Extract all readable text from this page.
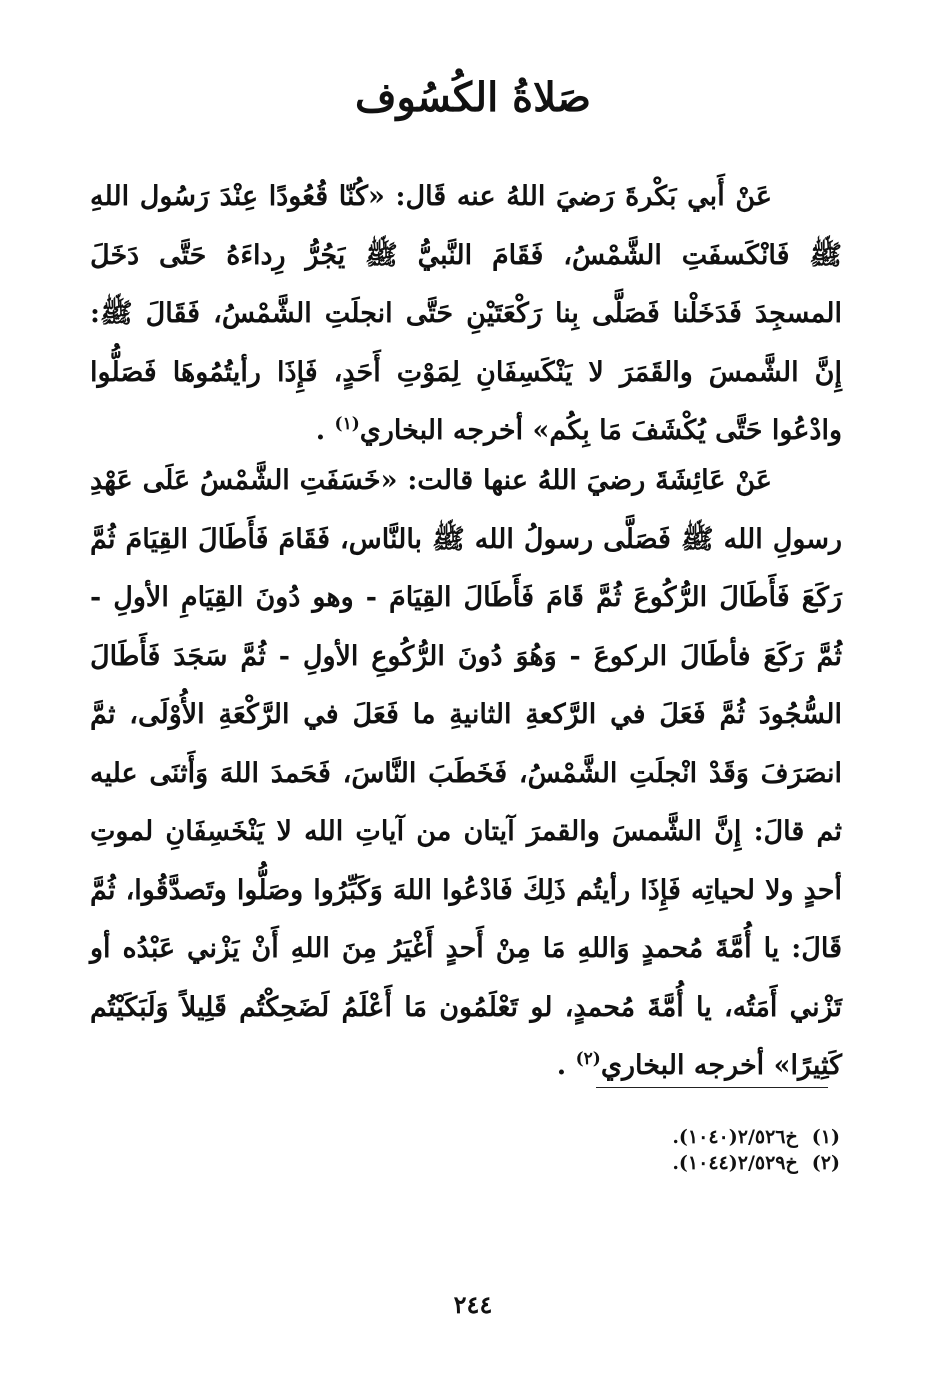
صَلاةُ الكُسُوف

عَنْ أَبي بَكْرةَ رَضيَ اللهُ عنه قَال: «كُنّا قُعُودًا عِنْدَ رَسُول اللهِ ﷺ فَانْكَسفَتِ الشَّمْسُ، فَقَامَ النَّبيُّ ﷺ يَجُرُّ رِداءَهُ حَتَّى دَخَلَ المسجِدَ فَدَخَلْنا فَصَلَّى بِنا رَكْعَتَيْنِ حَتَّى انجلَتِ الشَّمْسُ، فَقَالَ ﷺ: إِنَّ الشَّمسَ والقَمَرَ لا يَنْكَسِفَانِ لِمَوْتِ أَحَدٍ، فَإِذَا رأيتُمُوهَا فَصَلُّوا وادْعُوا حَتَّى يُكْشَفَ مَا بِكُم» أخرجه البخاري$^{(١)}$ .

عَنْ عَائِشَةَ رضيَ اللهُ عنها قالت: «خَسَفَتِ الشَّمْسُ عَلَى عَهْدِ رسولِ الله ﷺ فَصَلَّى رسولُ الله ﷺ بالنَّاس، فَقَامَ فَأَطَالَ القِيَامَ ثُمَّ رَكَعَ فَأَطَالَ الرُّكُوعَ ثُمَّ قَامَ فَأَطَالَ القِيَامَ - وهو دُونَ القِيَامِ الأولِ - ثُمَّ رَكَعَ فأطَالَ الركوعَ - وَهُوَ دُونَ الرُّكُوعِ الأولِ - ثُمَّ سَجَدَ فَأَطَالَ السُّجُودَ ثُمَّ فَعَلَ في الرَّكعةِ الثانيةِ ما فَعَلَ في الرَّكْعَةِ الأُوْلَى، ثمَّ انصَرَفَ وَقَدْ انْجلَتِ الشَّمْسُ، فَخَطَبَ النَّاسَ، فَحَمدَ اللهَ وَأَثنَى عليه ثم قالَ: إِنَّ الشَّمسَ والقمرَ آيتان من آياتِ الله لا يَنْخَسِفَانِ لموتِ أحدٍ ولا لحياتِه فَإِذَا رأيتُم ذَلِكَ فَادْعُوا اللهَ وَكَبِّرُوا وصَلُّوا وتَصدَّقُوا، ثُمَّ قَالَ: يا أُمَّةَ مُحمدٍ وَاللهِ مَا مِنْ أَحدٍ أَغْيَرُ مِنَ اللهِ أَنْ يَزْني عَبْدُه أو تَزْني أَمَتُه، يا أُمَّةَ مُحمدٍ، لو تَعْلَمُون مَا أَعْلَمُ لَضَحِكْتُم قَلِيلاً وَلَبَكَيْتُم كَثِيرًا» أخرجه البخاري$^{(٢)}$ .

(١)خ٢/٥٢٦(١٠٤٠).
(٢)خ٢/٥٢٩(١٠٤٤).
٢٤٤
